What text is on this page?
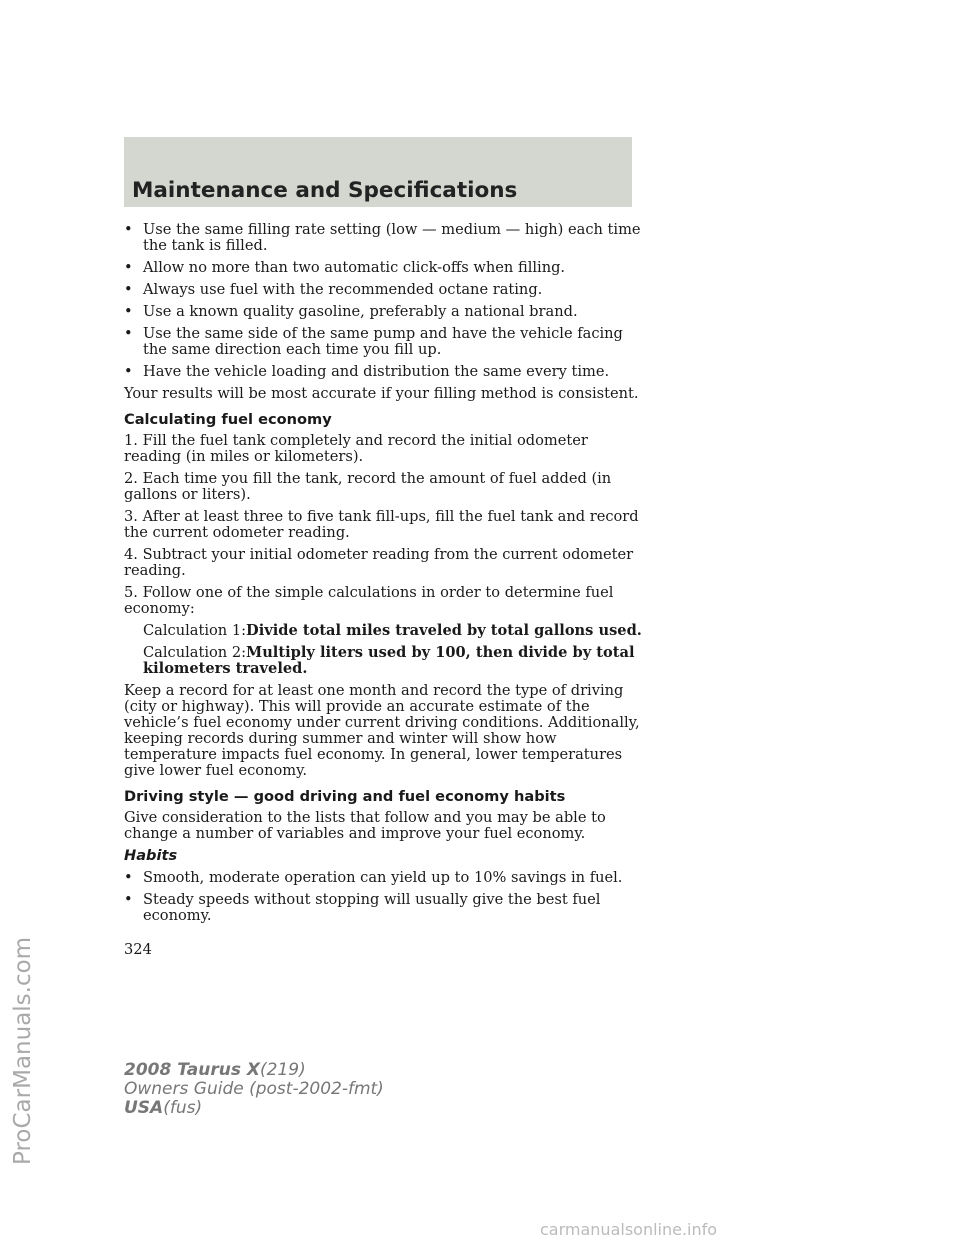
Maintenance and Specifications
• Use the same filling rate setting (low — medium — high) each time the tank is filled.
• Allow no more than two automatic click-offs when filling.
• Always use fuel with the recommended octane rating.
• Use a known quality gasoline, preferably a national brand.
• Use the same side of the same pump and have the vehicle facing the same direction each time you fill up.
• Have the vehicle loading and distribution the same every time.

Your results will be most accurate if your filling method is consistent.

Calculating fuel economy

1. Fill the fuel tank completely and record the initial odometer reading (in miles or kilometers).

2. Each time you fill the tank, record the amount of fuel added (in gallons or liters).

3. After at least three to five tank fill-ups, fill the fuel tank and record the current odometer reading.

4. Subtract your initial odometer reading from the current odometer reading.

5. Follow one of the simple calculations in order to determine fuel economy:

Calculation 1:Divide total miles traveled by total gallons used.

Calculation 2:Multiply liters used by 100, then divide by total kilometers traveled.

Keep a record for at least one month and record the type of driving (city or highway). This will provide an accurate estimate of the vehicle’s fuel economy under current driving conditions. Additionally, keeping records during summer and winter will show how temperature impacts fuel economy. In general, lower temperatures give lower fuel economy.

Driving style — good driving and fuel economy habits

Give consideration to the lists that follow and you may be able to change a number of variables and improve your fuel economy.

Habits
• Smooth, moderate operation can yield up to 10% savings in fuel.
• Steady speeds without stopping will usually give the best fuel economy.
324
2008 Taurus X(219)
Owners Guide (post-2002-fmt)
USA(fus)
ProCarManuals.com
carmanualsonline.info
